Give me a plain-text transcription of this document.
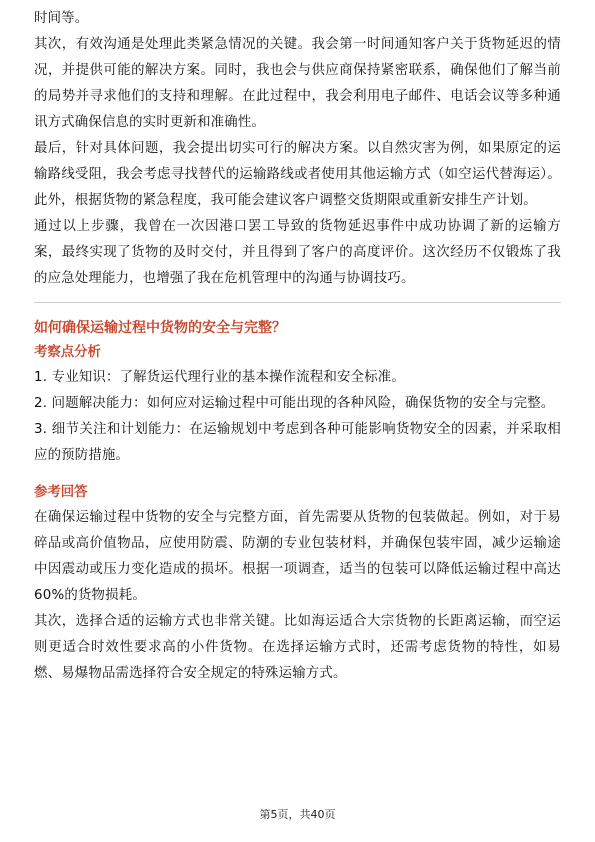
时间等。

其次，有效沟通是处理此类紧急情况的关键。我会第一时间通知客户关于货物延迟的情况，并提供可能的解决方案。同时，我也会与供应商保持紧密联系，确保他们了解当前的局势并寻求他们的支持和理解。在此过程中，我会利用电子邮件、电话会议等多种通讯方式确保信息的实时更新和准确性。

最后，针对具体问题，我会提出切实可行的解决方案。以自然灾害为例，如果原定的运输路线受阻，我会考虑寻找替代的运输路线或者使用其他运输方式（如空运代替海运）。此外，根据货物的紧急程度，我可能会建议客户调整交货期限或重新安排生产计划。

通过以上步骤，我曾在一次因港口罢工导致的货物延迟事件中成功协调了新的运输方案，最终实现了货物的及时交付，并且得到了客户的高度评价。这次经历不仅锻炼了我的应急处理能力，也增强了我在危机管理中的沟通与协调技巧。

如何确保运输过程中货物的安全与完整？

考察点分析

1. 专业知识：了解货运代理行业的基本操作流程和安全标准。

2. 问题解决能力：如何应对运输过程中可能出现的各种风险，确保货物的安全与完整。

3. 细节关注和计划能力：在运输规划中考虑到各种可能影响货物安全的因素，并采取相应的预防措施。

参考回答

在确保运输过程中货物的安全与完整方面，首先需要从货物的包装做起。例如，对于易碎品或高价值物品，应使用防震、防潮的专业包装材料，并确保包装牢固，减少运输途中因震动或压力变化造成的损坏。根据一项调查，适当的包装可以降低运输过程中高达60%的货物损耗。

其次，选择合适的运输方式也非常关键。比如海运适合大宗货物的长距离运输，而空运则更适合时效性要求高的小件货物。在选择运输方式时，还需考虑货物的特性，如易燃、易爆物品需选择符合安全规定的特殊运输方式。

第5页，共40页
